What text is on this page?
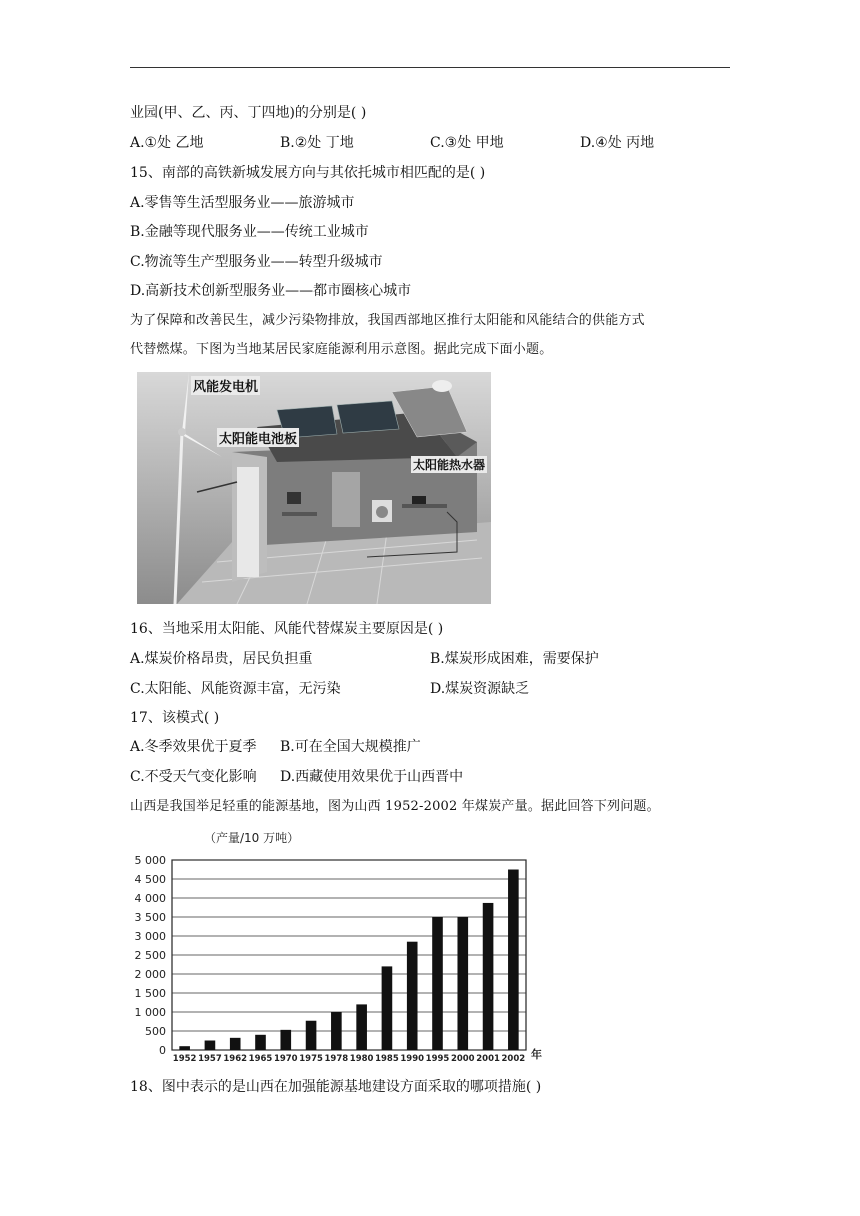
业园(甲、乙、丙、丁四地)的分别是( )
A.①处 乙地	B.②处 丁地	C.③处 甲地	D.④处 丙地
15、南部的高铁新城发展方向与其依托城市相匹配的是( )
A.零售等生活型服务业——旅游城市
B.金融等现代服务业——传统工业城市
C.物流等生产型服务业——转型升级城市
D.高新技术创新型服务业——都市圈核心城市
为了保障和改善民生，减少污染物排放，我国西部地区推行太阳能和风能结合的供能方式
代替燃煤。下图为当地某居民家庭能源利用示意图。据此完成下面小题。
风能发电机
太阳能电池板
太阳能热水器
16、当地采用太阳能、风能代替煤炭主要原因是( )
A.煤炭价格昂贵，居民负担重	B.煤炭形成困难，需要保护
C.太阳能、风能资源丰富，无污染	D.煤炭资源缺乏
17、该模式( )
A.冬季效果优于夏季 B.可在全国大规模推广
C.不受天气变化影响 D.西藏使用效果优于山西晋中
山西是我国举足轻重的能源基地，图为山西 1952-2002 年煤炭产量。据此回答下列问题。
（产量/10 万吨）
0
500
1 000
1 500
2 000
2 500
3 000
3 500
4 000
4 500
5 000
1952 1957 1962 1965 1970 1975 1978 1980 1985 1990 1995 2000 2001 2002 年
18、图中表示的是山西在加强能源基地建设方面采取的哪项措施( )
